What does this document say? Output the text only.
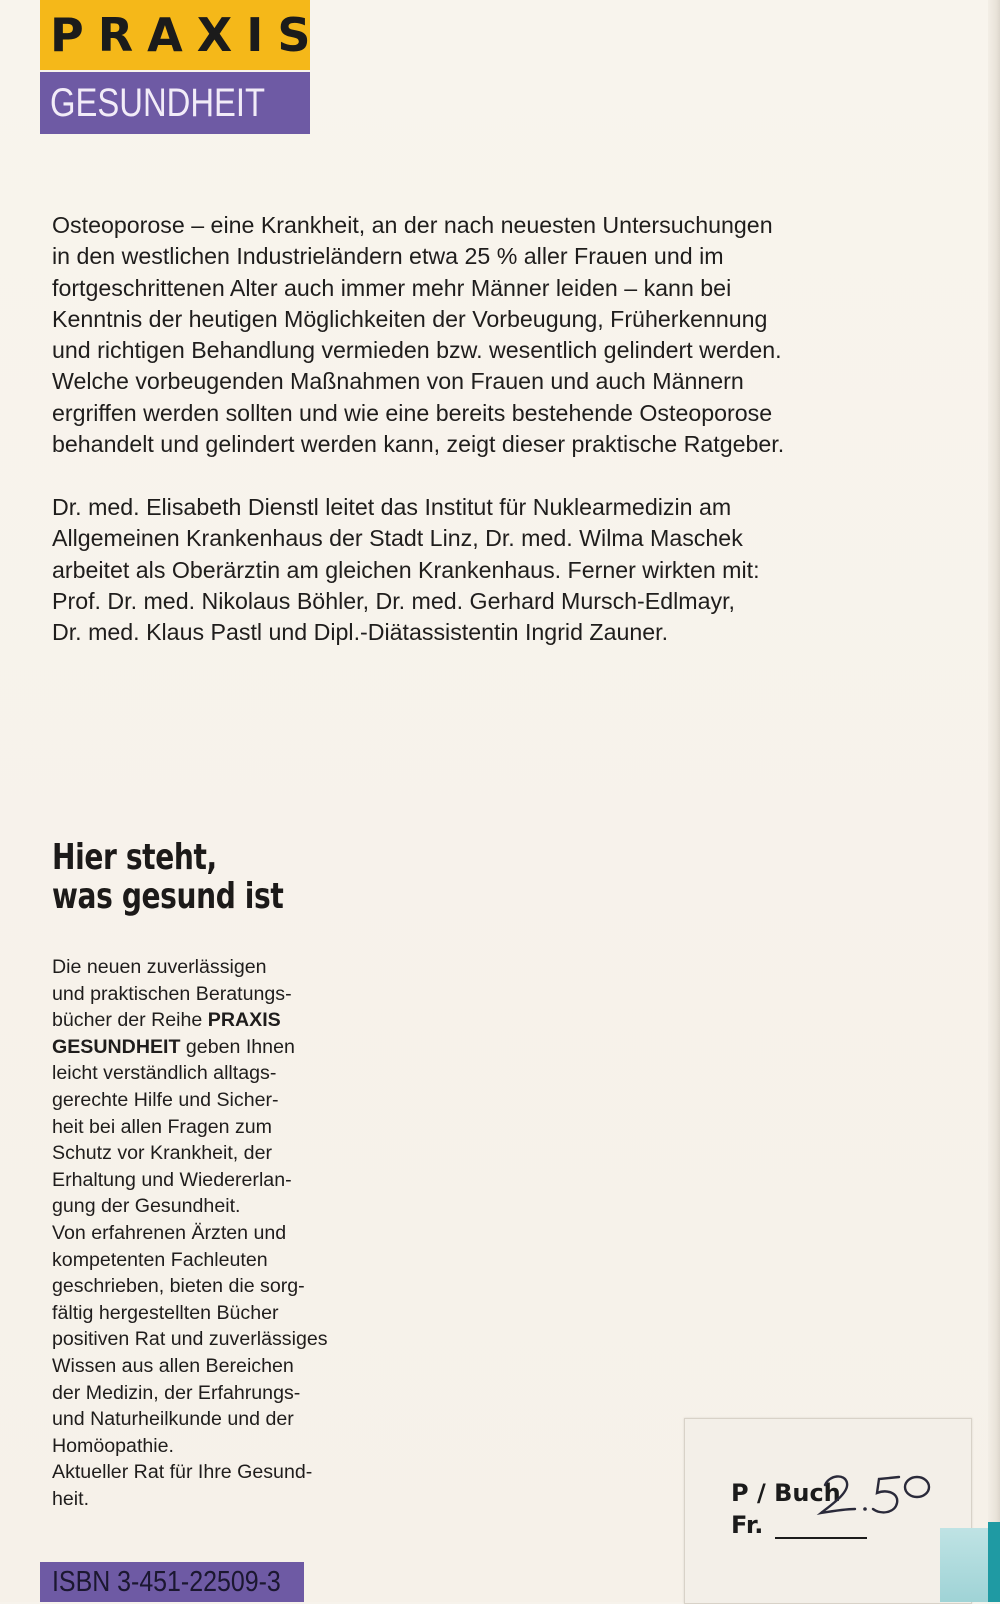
PRAXIS
GESUNDHEIT
Osteoporose – eine Krankheit, an der nach neuesten Untersuchungen
in den westlichen Industrieländern etwa 25 % aller Frauen und im
fortgeschrittenen Alter auch immer mehr Männer leiden – kann bei
Kenntnis der heutigen Möglichkeiten der Vorbeugung, Früherkennung
und richtigen Behandlung vermieden bzw. wesentlich gelindert werden.
Welche vorbeugenden Maßnahmen von Frauen und auch Männern
ergriffen werden sollten und wie eine bereits bestehende Osteoporose
behandelt und gelindert werden kann, zeigt dieser praktische Ratgeber.
Dr. med. Elisabeth Dienstl leitet das Institut für Nuklearmedizin am
Allgemeinen Krankenhaus der Stadt Linz, Dr. med. Wilma Maschek
arbeitet als Oberärztin am gleichen Krankenhaus. Ferner wirkten mit:
Prof. Dr. med. Nikolaus Böhler, Dr. med. Gerhard Mursch-Edlmayr,
Dr. med. Klaus Pastl und Dipl.-Diätassistentin Ingrid Zauner.
Hier steht,
was gesund ist
Die neuen zuverlässigen
und praktischen Beratungs-
bücher der Reihe PRAXIS
GESUNDHEIT geben Ihnen
leicht verständlich alltags-
gerechte Hilfe und Sicher-
heit bei allen Fragen zum
Schutz vor Krankheit, der
Erhaltung und Wiedererlan-
gung der Gesundheit.
Von erfahrenen Ärzten und
kompetenten Fachleuten
geschrieben, bieten die sorg-
fältig hergestellten Bücher
positiven Rat und zuverlässiges
Wissen aus allen Bereichen
der Medizin, der Erfahrungs-
und Naturheilkunde und der
Homöopathie.
Aktueller Rat für Ihre Gesund-
heit.
ISBN 3-451-22509-3
P / Buch
Fr.
